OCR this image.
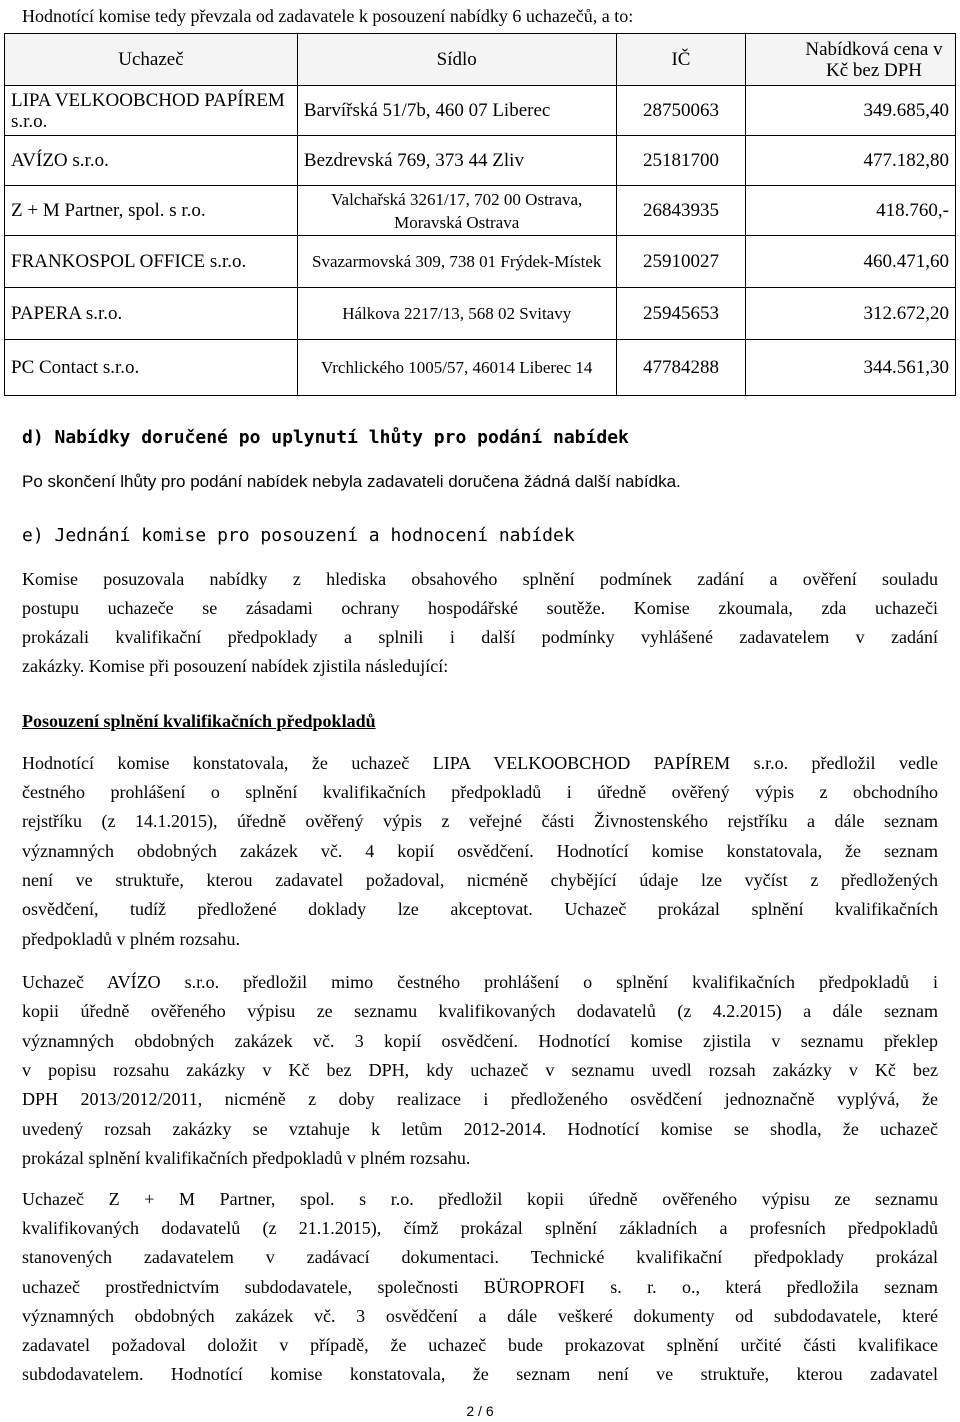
Hodnotící komise tedy převzala od zadavatele k posouzení nabídky 6 uchazečů, a to:
Uchazeč	Sídlo	IČ	Nabídková cena v Kč bez DPH
LIPA VELKOOBCHOD PAPÍREM s.r.o.	Barvířská 51/7b, 460 07 Liberec	28750063	349.685,40
AVÍZO s.r.o.	Bezdrevská 769, 373 44 Zliv	25181700	477.182,80
Z + M Partner, spol. s r.o.	Valchařská 3261/17, 702 00 Ostrava, Moravská Ostrava	26843935	418.760,-
FRANKOSPOL OFFICE s.r.o.	Svazarmovská 309, 738 01 Frýdek-Místek	25910027	460.471,60
PAPERA s.r.o.	Hálkova 2217/13, 568 02 Svitavy	25945653	312.672,20
PC Contact s.r.o.	Vrchlického 1005/57, 46014 Liberec 14	47784288	344.561,30
d) Nabídky doručené po uplynutí lhůty pro podání nabídek
Po skončení lhůty pro podání nabídek nebyla zadavateli doručena žádná další nabídka.
e) Jednání komise pro posouzení a hodnocení nabídek
Komise posuzovala nabídky z hlediska obsahového splnění podmínek zadání a ověření souladu
postupu uchazeče se zásadami ochrany hospodářské soutěže. Komise zkoumala, zda uchazeči
prokázali kvalifikační předpoklady a splnili i další podmínky vyhlášené zadavatelem v zadání
zakázky. Komise při posouzení nabídek zjistila následující:
Posouzení splnění kvalifikačních předpokladů
Hodnotící komise konstatovala, že uchazeč LIPA VELKOOBCHOD PAPÍREM s.r.o. předložil vedle
čestného prohlášení o splnění kvalifikačních předpokladů i úředně ověřený výpis z obchodního
rejstříku (z 14.1.2015), úředně ověřený výpis z veřejné části Živnostenského rejstříku a dále seznam
významných obdobných zakázek vč. 4 kopií osvědčení. Hodnotící komise konstatovala, že seznam
není ve struktuře, kterou zadavatel požadoval, nicméně chybějící údaje lze vyčíst z předložených
osvědčení, tudíž předložené doklady lze akceptovat. Uchazeč prokázal splnění kvalifikačních
předpokladů v plném rozsahu.
Uchazeč AVÍZO s.r.o. předložil mimo čestného prohlášení o splnění kvalifikačních předpokladů i
kopii úředně ověřeného výpisu ze seznamu kvalifikovaných dodavatelů (z 4.2.2015) a dále seznam
významných obdobných zakázek vč. 3 kopií osvědčení. Hodnotící komise zjistila v seznamu překlep
v popisu rozsahu zakázky v Kč bez DPH, kdy uchazeč v seznamu uvedl rozsah zakázky v Kč bez
DPH 2013/2012/2011, nicméně z doby realizace i předloženého osvědčení jednoznačně vyplývá, že
uvedený rozsah zakázky se vztahuje k letům 2012-2014. Hodnotící komise se shodla, že uchazeč
prokázal splnění kvalifikačních předpokladů v plném rozsahu.
Uchazeč Z + M Partner, spol. s r.o. předložil kopii úředně ověřeného výpisu ze seznamu
kvalifikovaných dodavatelů (z 21.1.2015), čímž prokázal splnění základních a profesních předpokladů
stanovených zadavatelem v zadávací dokumentaci. Technické kvalifikační předpoklady prokázal
uchazeč prostřednictvím subdodavatele, společnosti BÜROPROFI s. r. o., která předložila seznam
významných obdobných zakázek vč. 3 osvědčení a dále veškeré dokumenty od subdodavatele, které
zadavatel požadoval doložit v případě, že uchazeč bude prokazovat splnění určité části kvalifikace
subdodavatelem. Hodnotící komise konstatovala, že seznam není ve struktuře, kterou zadavatel
2 / 6
